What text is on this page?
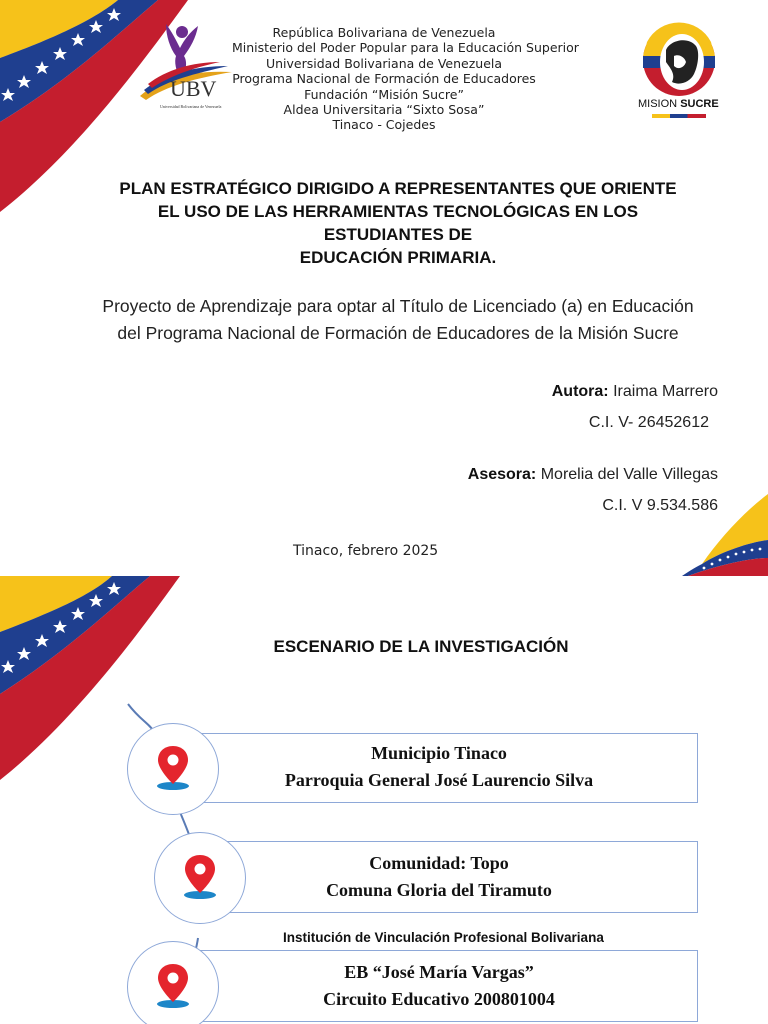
UBV
Universidad Bolivariana de Venezuela
República Bolivariana de Venezuela
Ministerio del Poder Popular para la Educación Superior
Universidad Bolivariana de Venezuela
Programa Nacional de Formación de Educadores
Fundación “Misión Sucre”
Aldea Universitaria “Sixto Sosa”
Tinaco - Cojedes
MISION SUCRE
PLAN ESTRATÉGICO DIRIGIDO A REPRESENTANTES QUE ORIENTE
EL USO DE LAS HERRAMIENTAS TECNOLÓGICAS EN LOS
ESTUDIANTES DE
EDUCACIÓN PRIMARIA.
Proyecto de Aprendizaje para optar al Título de Licenciado (a) en Educación
del Programa Nacional de Formación de Educadores de la Misión Sucre
Autora: Iraima Marrero
C.I. V- 26452612
Asesora: Morelia del Valle Villegas
C.I. V 9.534.586
Tinaco, febrero 2025
ESCENARIO DE LA INVESTIGACIÓN
Municipio Tinaco
Parroquia General José Laurencio Silva
Comunidad: Topo
Comuna Gloria del Tiramuto
Institución de Vinculación Profesional Bolivariana
EB “José María Vargas”
Circuito Educativo 200801004
